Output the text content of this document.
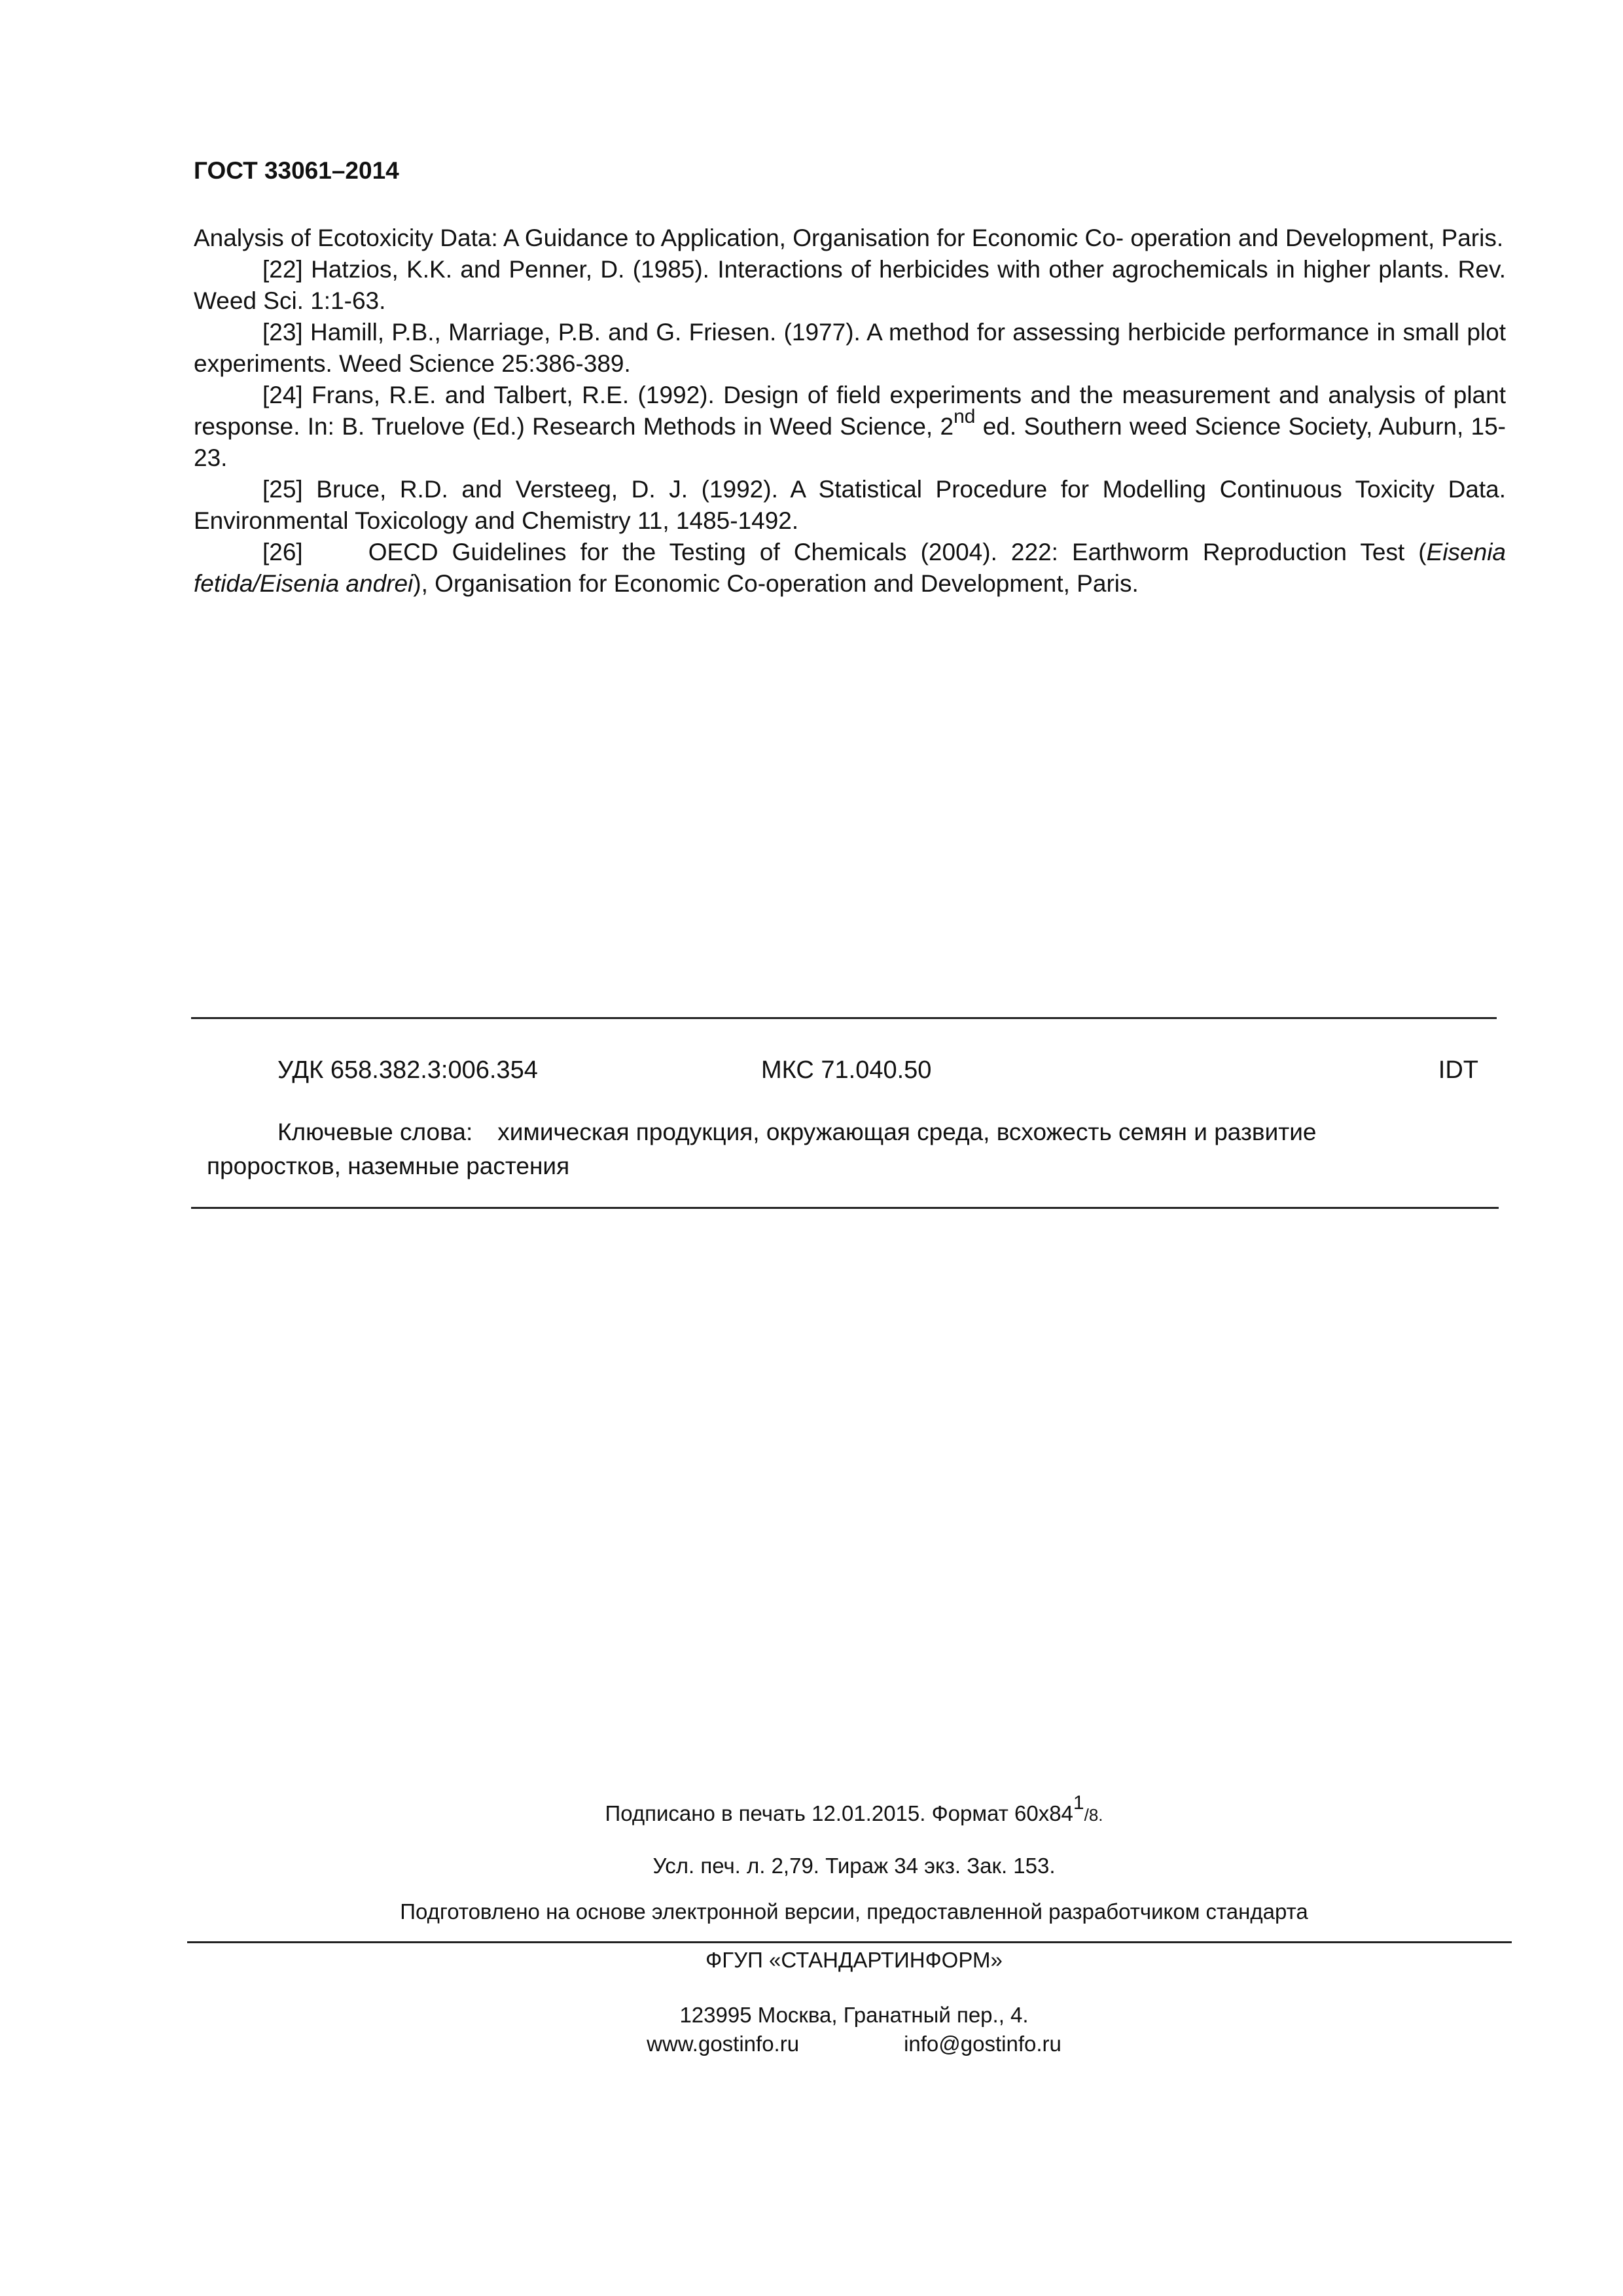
ГОСТ 33061–2014

Analysis of Ecotoxicity Data: A Guidance to Application, Organisation for Economic Co- operation and Development, Paris.

[22] Hatzios, K.K. and Penner, D. (1985). Interactions of herbicides with other agrochemicals in higher plants. Rev. Weed Sci. 1:1-63.

[23] Hamill, P.B., Marriage, P.B. and G. Friesen. (1977). A method for assessing herbicide performance in small plot experiments. Weed Science 25:386-389.

[24] Frans, R.E. and Talbert, R.E. (1992). Design of field experiments and the measurement and analysis of plant response. In: B. Truelove (Ed.) Research Methods in Weed Science, 2nd ed. Southern weed Science Society, Auburn, 15-23.

[25] Bruce, R.D. and Versteeg, D. J. (1992). A Statistical Procedure for Modelling Continuous Toxicity Data. Environmental Toxicology and Chemistry 11, 1485-1492.

[26]	OECD Guidelines for the Testing of Chemicals (2004). 222: Earthworm Reproduction Test (Eisenia fetida/Eisenia andrei), Organisation for Economic Co-operation and Development, Paris.

УДК 658.382.3:006.354	МКС 71.040.50	IDT
Ключевые слова: химическая продукция, окружающая среда, всхожесть семян и развитие
проростков, наземные растения
Подписано в печать 12.01.2015. Формат $60x84^1/8$.
Усл. печ. л. 2,79. Тираж 34 экз. Зак. 153.
Подготовлено на основе электронной версии, предоставленной разработчиком стандарта
ФГУП «СТАНДАРТИНФОРМ»
123995 Москва, Гранатный пер., 4.
www.gostinfo.ru	info@gostinfo.ru
